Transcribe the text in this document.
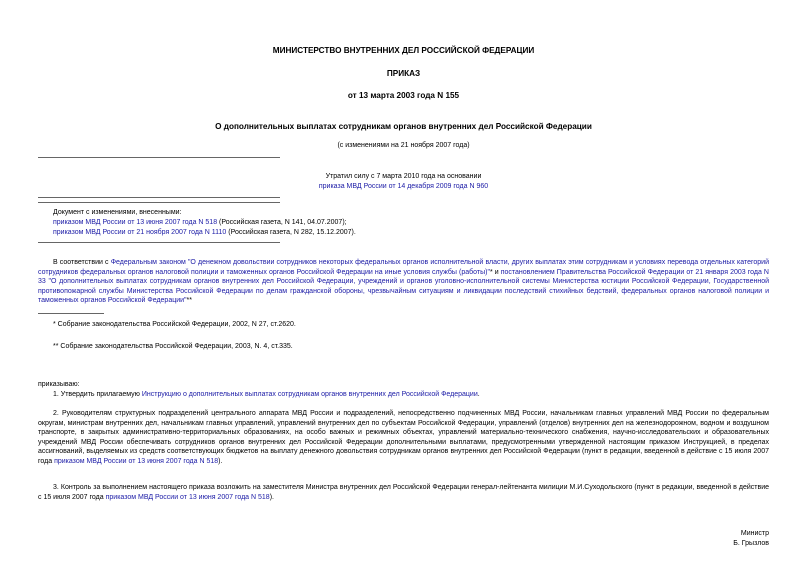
МИНИСТЕРСТВО ВНУТРЕННИХ ДЕЛ РОССИЙСКОЙ ФЕДЕРАЦИИ
ПРИКАЗ
от 13 марта 2003 года N 155
О дополнительных выплатах сотрудникам органов внутренних дел Российской Федерации
(с изменениями на 21 ноября 2007 года)
Утратил силу с 7 марта 2010 года на основании
приказа МВД России от 14 декабря 2009 года N 960
Документ с изменениями, внесенными:
приказом МВД России от 13 июня 2007 года N 518 (Российская газета, N 141, 04.07.2007);
приказом МВД России от 21 ноября 2007 года N 1110 (Российская газета, N 282, 15.12.2007).
В соответствии с Федеральным законом "О денежном довольствии сотрудников некоторых федеральных органов исполнительной власти, других выплатах этим сотрудникам и условиях перевода отдельных категорий сотрудников федеральных органов налоговой полиции и таможенных органов Российской Федерации на иные условия службы (работы)"* и постановлением Правительства Российской Федерации от 21 января 2003 года N 33 "О дополнительных выплатах сотрудникам органов внутренних дел Российской Федерации, учреждений и органов уголовно-исполнительной системы Министерства юстиции Российской Федерации, Государственной противопожарной службы Министерства Российской Федерации по делам гражданской обороны, чрезвычайным ситуациям и ликвидации последствий стихийных бедствий, федеральных органов налоговой полиции и таможенных органов Российской Федерации"**
* Собрание законодательства Российской Федерации, 2002, N 27, ст.2620.
** Собрание законодательства Российской Федерации, 2003, N. 4, ст.335.
приказываю:
1. Утвердить прилагаемую Инструкцию о дополнительных выплатах сотрудникам органов внутренних дел Российской Федерации.
2. Руководителям структурных подразделений центрального аппарата МВД России и подразделений, непосредственно подчиненных МВД России, начальникам главных управлений МВД России по федеральным округам, министрам внутренних дел, начальникам главных управлений, управлений внутренних дел по субъектам Российской Федерации, управлений (отделов) внутренних дел на железнодорожном, водном и воздушном транспорте, в закрытых административно-территориальных образованиях, на особо важных и режимных объектах, управлений материально-технического снабжения, научно-исследовательских и образовательных учреждений МВД России обеспечивать сотрудников органов внутренних дел Российской Федерации дополнительными выплатами, предусмотренными утвержденной настоящим приказом Инструкцией, в пределах ассигнований, выделяемых из средств соответствующих бюджетов на выплату денежного довольствия сотрудникам органов внутренних дел Российской Федерации (пункт в редакции, введенной в действие с 15 июля 2007 года приказом МВД России от 13 июня 2007 года N 518).
3. Контроль за выполнением настоящего приказа возложить на заместителя Министра внутренних дел Российской Федерации генерал-лейтенанта милиции М.И.Суходольского (пункт в редакции, введенной в действие с 15 июля 2007 года приказом МВД России от 13 июня 2007 года N 518).
Министр
Б. Грызлов
